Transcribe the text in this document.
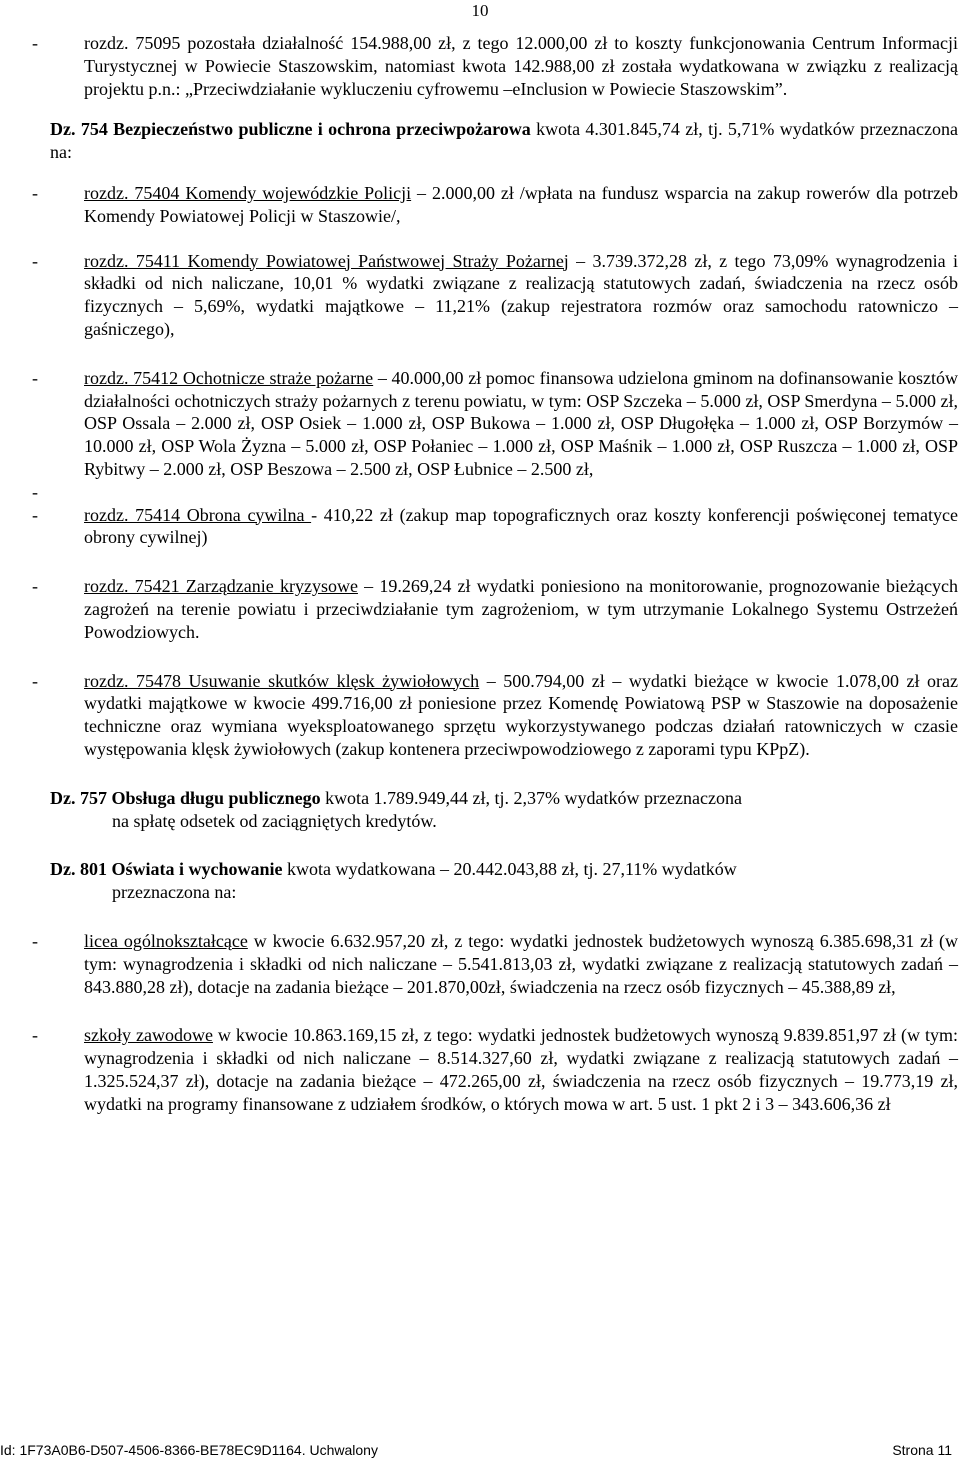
10
-	rozdz. 75095 pozostała działalność 154.988,00 zł, z tego 12.000,00 zł to koszty funkcjonowania Centrum Informacji Turystycznej w Powiecie Staszowskim, natomiast kwota 142.988,00 zł została wydatkowana w związku z realizacją projektu p.n.: „Przeciwdziałanie wykluczeniu cyfrowemu –eInclusion w Powiecie Staszowskim”.
Dz. 754 Bezpieczeństwo publiczne i ochrona przeciwpożarowa kwota 4.301.845,74 zł, tj. 5,71% wydatków przeznaczona na:
-	rozdz. 75404 Komendy wojewódzkie Policji – 2.000,00 zł /wpłata na fundusz wsparcia na zakup rowerów dla potrzeb Komendy Powiatowej Policji w Staszowie/,
-	rozdz. 75411 Komendy Powiatowej Państwowej Straży Pożarnej – 3.739.372,28 zł, z tego 73,09% wynagrodzenia i składki od nich naliczane, 10,01 % wydatki związane z realizacją statutowych zadań, świadczenia na rzecz osób fizycznych – 5,69%, wydatki majątkowe – 11,21% (zakup rejestratora rozmów oraz samochodu ratowniczo – gaśniczego),
-	rozdz. 75412 Ochotnicze straże pożarne – 40.000,00 zł pomoc finansowa udzielona gminom na dofinansowanie kosztów działalności ochotniczych straży pożarnych z terenu powiatu, w tym: OSP Szczeka – 5.000 zł, OSP Smerdyna – 5.000 zł, OSP Ossala – 2.000 zł, OSP Osiek – 1.000 zł, OSP Bukowa – 1.000 zł, OSP Długołęka – 1.000 zł, OSP Borzymów – 10.000 zł, OSP Wola Żyzna – 5.000 zł, OSP Połaniec – 1.000 zł, OSP Maśnik – 1.000 zł, OSP Ruszcza – 1.000 zł, OSP Rybitwy – 2.000 zł, OSP Beszowa – 2.500 zł, OSP Łubnice – 2.500 zł,
-

-	rozdz. 75414 Obrona cywilna - 410,22 zł (zakup map topograficznych oraz koszty konferencji poświęconej tematyce obrony cywilnej)
-	rozdz. 75421 Zarządzanie kryzysowe – 19.269,24 zł wydatki poniesiono na monitorowanie, prognozowanie bieżących zagrożeń na terenie powiatu i przeciwdziałanie tym zagrożeniom, w tym utrzymanie Lokalnego Systemu Ostrzeżeń Powodziowych.
-	rozdz. 75478 Usuwanie skutków klęsk żywiołowych – 500.794,00 zł – wydatki bieżące w kwocie 1.078,00 zł oraz wydatki majątkowe w kwocie 499.716,00 zł poniesione przez Komendę Powiatową PSP w Staszowie na doposażenie techniczne oraz wymiana wyeksploatowanego sprzętu wykorzystywanego podczas działań ratowniczych w czasie występowania klęsk żywiołowych (zakup kontenera przeciwpowodziowego z zaporami typu KPpZ).
Dz. 757 Obsługa długu publicznego kwota 1.789.949,44 zł, tj. 2,37% wydatków przeznaczona
na spłatę odsetek od zaciągniętych kredytów.
Dz. 801 Oświata i wychowanie kwota wydatkowana – 20.442.043,88 zł, tj. 27,11% wydatków
przeznaczona na:
-	licea ogólnokształcące w kwocie 6.632.957,20 zł, z tego: wydatki jednostek budżetowych wynoszą 6.385.698,31 zł (w tym: wynagrodzenia i składki od nich naliczane – 5.541.813,03 zł, wydatki związane z realizacją statutowych zadań – 843.880,28 zł), dotacje na zadania bieżące – 201.870,00zł, świadczenia na rzecz osób fizycznych – 45.388,89 zł,
-	szkoły zawodowe w kwocie 10.863.169,15 zł, z tego: wydatki jednostek budżetowych wynoszą 9.839.851,97 zł (w tym: wynagrodzenia i składki od nich naliczane – 8.514.327,60 zł, wydatki związane z realizacją statutowych zadań – 1.325.524,37 zł), dotacje na zadania bieżące – 472.265,00 zł, świadczenia na rzecz osób fizycznych – 19.773,19 zł, wydatki na programy finansowane z udziałem środków, o których mowa w art. 5 ust. 1 pkt 2 i 3 – 343.606,36 zł
Id: 1F73A0B6-D507-4506-8366-BE78EC9D1164. Uchwalony	Strona 11
